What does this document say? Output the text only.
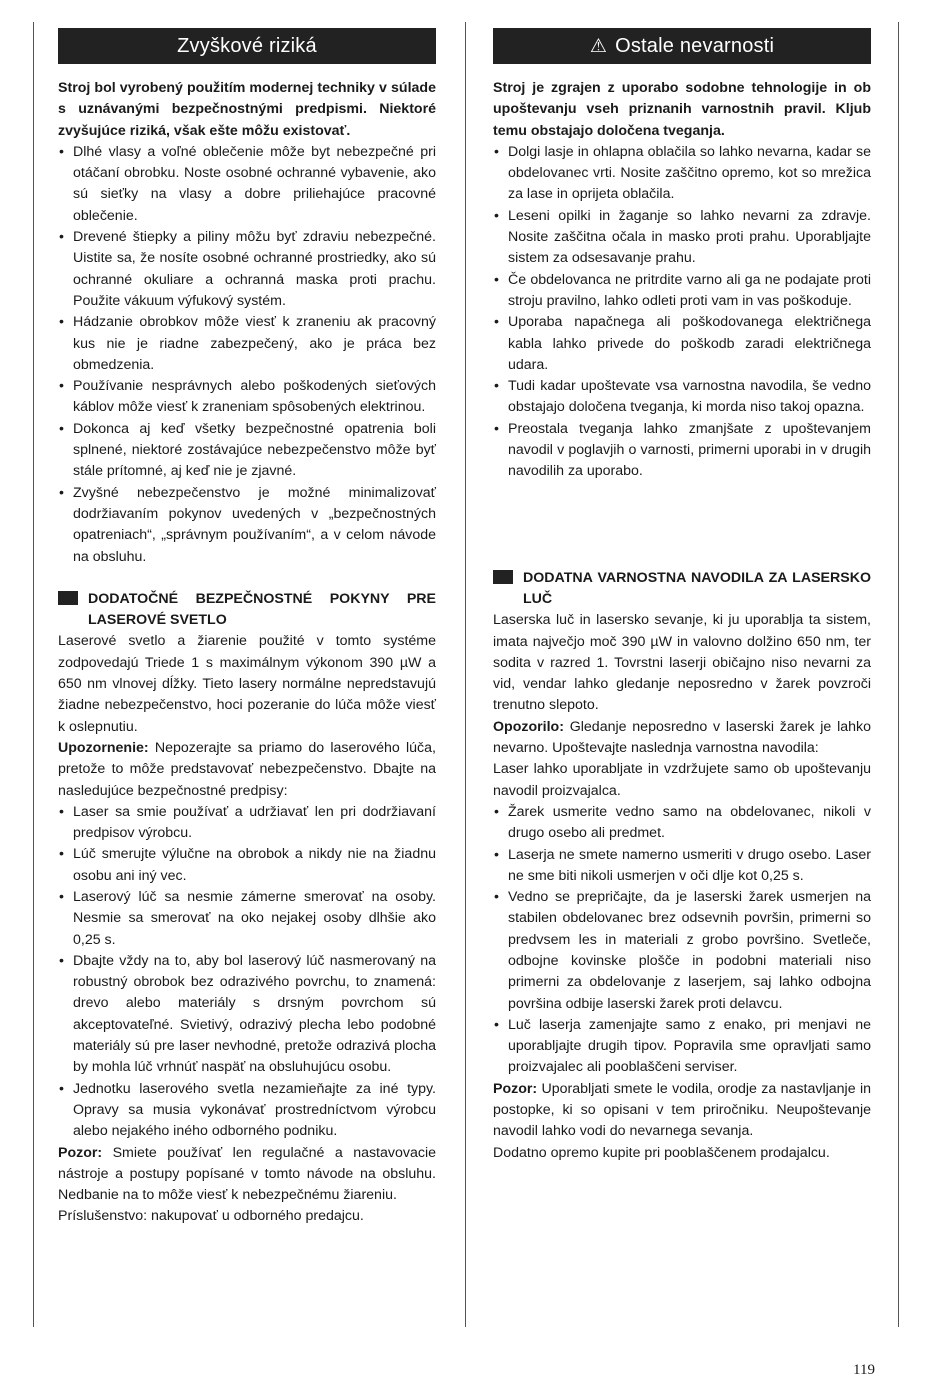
Zvyškové riziká
Stroj bol vyrobený použitím modernej techniky v súlade s uznávanými bezpečnostnými predpismi. Niektoré zvyšujúce riziká, však ešte môžu existovať.
• Dlhé vlasy a voľné oblečenie môže byt nebezpečné pri otáčaní obrobku. Noste osobné ochranné vybavenie, ako sú sieťky na vlasy a dobre priliehajúce pracovné oblečenie.
• Drevené štiepky a piliny môžu byť zdraviu nebezpečné. Uistite sa, že nosíte osobné ochranné prostriedky, ako sú ochranné okuliare a ochranná maska proti prachu. Použite vákuum výfukový systém.
• Hádzanie obrobkov môže viesť k zraneniu ak pracovný kus nie je riadne zabezpečený, ako je práca bez obmedzenia.
• Používanie nesprávnych alebo poškodených sieťových káblov môže viesť k zraneniam spôsobených elektrinou.
• Dokonca aj keď všetky bezpečnostné opatrenia boli splnené, niektoré zostávajúce nebezpečenstvo môže byť stále prítomné, aj keď nie je zjavné.
• Zvyšné nebezpečenstvo je možné minimalizovať dodržiavaním pokynov uvedených v „bezpečnostných opatreniach“, „správnym používaním“, a v celom návode na obsluhu.
DODATOČNÉ BEZPEČNOSTNÉ POKYNY PRE LASEROVÉ SVETLO

Laserové svetlo a žiarenie použité v tomto systéme zodpovedajú Triede 1 s maximálnym výkonom 390 µW a 650 nm vlnovej dĺžky. Tieto lasery normálne nepredstavujú žiadne nebezpečenstvo, hoci pozeranie do lúča môže viesť k oslepnutiu.

Upozornenie: Nepozerajte sa priamo do laserového lúča, pretože to môže predstavovať nebezpečenstvo. Dbajte na nasledujúce bezpečnostné predpisy:

• Laser sa smie používať a udržiavať len pri dodržiavaní predpisov výrobcu.
• Lúč smerujte výlučne na obrobok a nikdy nie na žiadnu osobu ani iný vec.
• Laserový lúč sa nesmie zámerne smerovať na osoby. Nesmie sa smerovať na oko nejakej osoby dlhšie ako 0,25 s.
• Dbajte vždy na to, aby bol laserový lúč nasmerovaný na robustný obrobok bez odrazivého povrchu, to znamená: drevo alebo materiály s drsným povrchom sú akceptovateľné. Svietivý, odrazivý plecha lebo podobné materiály sú pre laser nevhodné, pretože odrazivá plocha by mohla lúč vrhnúť naspäť na obsluhujúcu osobu.
• Jednotku laserového svetla nezamieňajte za iné typy. Opravy sa musia vykonávať prostredníctvom výrobcu alebo nejakého iného odborného podniku.

Pozor: Smiete používať len regulačné a nastavovacie nástroje a postupy popísané v tomto návode na obsluhu. Nedbanie na to môže viesť k nebezpečnému žiareniu.

Príslušenstvo: nakupovať u odborného predajcu.

⚠ Ostale nevarnosti
Stroj je zgrajen z uporabo sodobne tehnologije in ob upoštevanju vseh priznanih varnostnih pravil. Kljub temu obstajajo določena tveganja.
• Dolgi lasje in ohlapna oblačila so lahko nevarna, kadar se obdelovanec vrti. Nosite zaščitno opremo, kot so mrežica za lase in oprijeta oblačila.
• Leseni opilki in žaganje so lahko nevarni za zdravje. Nosite zaščitna očala in masko proti prahu. Uporabljajte sistem za odsesavanje prahu.
• Če obdelovanca ne pritrdite varno ali ga ne podajate proti stroju pravilno, lahko odleti proti vam in vas poškoduje.
• Uporaba napačnega ali poškodovanega električnega kabla lahko privede do poškodb zaradi električnega udara.
• Tudi kadar upoštevate vsa varnostna navodila, še vedno obstajajo določena tveganja, ki morda niso takoj opazna.
• Preostala tveganja lahko zmanjšate z upoštevanjem navodil v poglavjih o varnosti, primerni uporabi in v drugih navodilih za uporabo.
DODATNA VARNOSTNA NAVODILA ZA LASERSKO LUČ

Laserska luč in lasersko sevanje, ki ju uporablja ta sistem, imata največjo moč 390 µW in valovno dolžino 650 nm, ter sodita v razred 1. Tovrstni laserji običajno niso nevarni za vid, vendar lahko gledanje neposredno v žarek povzroči trenutno slepoto.

Opozorilo: Gledanje neposredno v laserski žarek je lahko nevarno. Upoštevajte naslednja varnostna navodila:

Laser lahko uporabljate in vzdržujete samo ob upoštevanju navodil proizvajalca.

• Žarek usmerite vedno samo na obdelovanec, nikoli v drugo osebo ali predmet.
• Laserja ne smete namerno usmeriti v drugo osebo. Laser ne sme biti nikoli usmerjen v oči dlje kot 0,25 s.
• Vedno se prepričajte, da je laserski žarek usmerjen na stabilen obdelovanec brez odsevnih površin, primerni so predvsem les in materiali z grobo površino. Svetleče, odbojne kovinske plošče in podobni materiali niso primerni za obdelovanje z laserjem, saj lahko odbojna površina odbije laserski žarek proti delavcu.
• Luč laserja zamenjajte samo z enako, pri menjavi ne uporabljajte drugih tipov. Popravila sme opravljati samo proizvajalec ali pooblaščeni serviser.

Pozor: Uporabljati smete le vodila, orodje za nastavljanje in postopke, ki so opisani v tem priročniku. Neupoštevanje navodil lahko vodi do nevarnega sevanja.

Dodatno opremo kupite pri pooblaščenem prodajalcu.

119
